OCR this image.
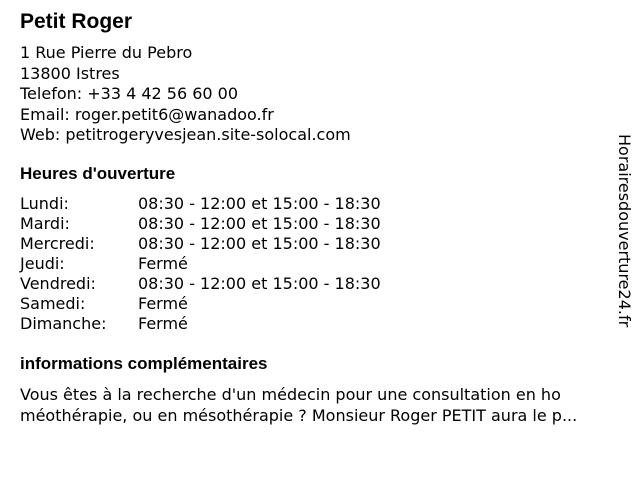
Petit Roger
1 Rue Pierre du Pebro
13800 Istres
Telefon: +33 4 42 56 60 00
Email: roger.petit6@wanadoo.fr
Web: petitrogeryvesjean.site-solocal.com
Heures d'ouverture
Lundi:	08:30 - 12:00 et 15:00 - 18:30
Mardi:	08:30 - 12:00 et 15:00 - 18:30
Mercredi:	08:30 - 12:00 et 15:00 - 18:30
Jeudi:	Fermé
Vendredi:	08:30 - 12:00 et 15:00 - 18:30
Samedi:	Fermé
Dimanche:	Fermé
informations complémentaires
Vous êtes à la recherche d'un médecin pour une consultation en ho
méothérapie, ou en mésothérapie ? Monsieur Roger PETIT aura le p...
Horairesdouverture24.fr
